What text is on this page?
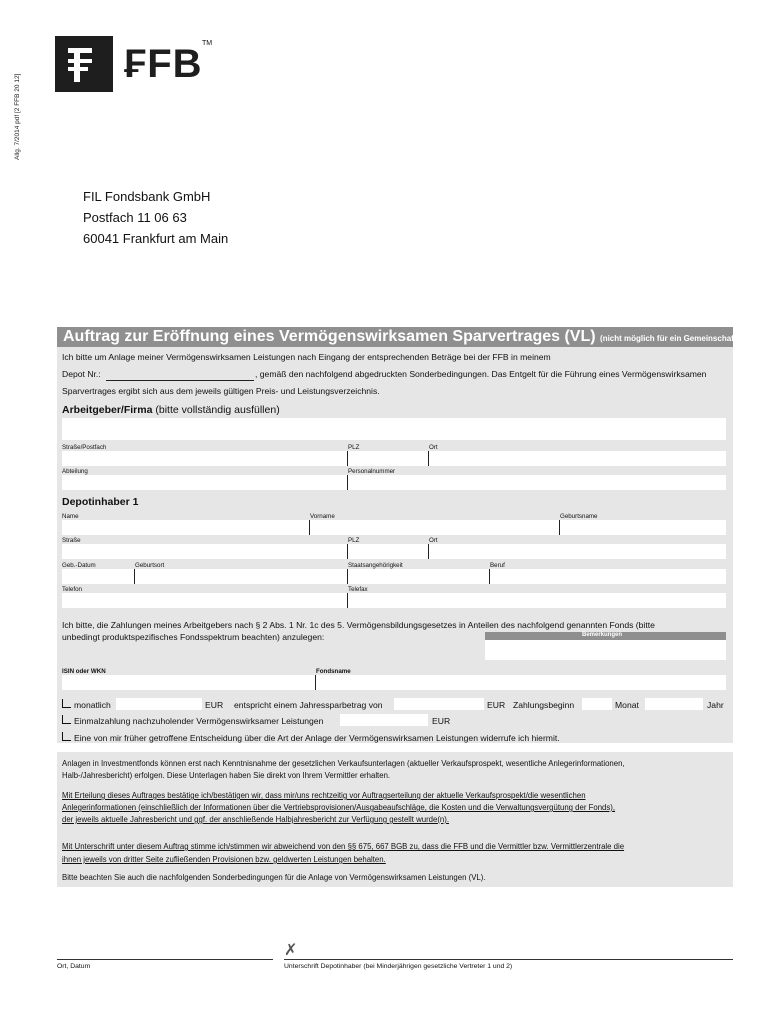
Allg. 7/2014 pdf [2 FFB 20 12]
₣FB TM
FIL Fondsbank GmbH
Postfach 11 06 63
60041 Frankfurt am Main
Auftrag zur Eröffnung eines Vermögenswirksamen Sparvertrages (VL) (nicht möglich für ein Gemeinschaftsdepot)
Ich bitte um Anlage meiner Vermögenswirksamen Leistungen nach Eingang der entsprechenden Beträge bei der FFB in meinem
Depot Nr.:	, gemäß den nachfolgend abgedruckten Sonderbedingungen. Das Entgelt für die Führung eines Vermögenswirksamen
Sparvertrages ergibt sich aus dem jeweils gültigen Preis- und Leistungsverzeichnis.
Arbeitgeber/Firma (bitte vollständig ausfüllen)
Straße/Postfach	PLZ	Ort
Abteilung	Personalnummer
Depotinhaber 1
Name	Vorname	Geburtsname
Straße	PLZ	Ort
Geb.-Datum	Geburtsort	Staatsangehörigkeit	Beruf
Telefon	Telefax
Ich bitte, die Zahlungen meines Arbeitgebers nach § 2 Abs. 1 Nr. 1c des 5. Vermögensbildungsgesetzes in Anteilen des nachfolgend genannten Fonds (bitte
unbedingt produktspezifisches Fondsspektrum beachten) anzulegen:	Bemerkungen
ISIN oder WKN	Fondsname
monatlich	EUR entspricht einem Jahressparbetrag von	EUR Zahlungsbeginn	Monat	Jahr
Einmalzahlung nachzuholender Vermögenswirksamer Leistungen	EUR
Eine von mir früher getroffene Entscheidung über die Art der Anlage der Vermögenswirksamen Leistungen widerrufe ich hiermit.
Anlagen in Investmentfonds können erst nach Kenntnisnahme der gesetzlichen Verkaufsunterlagen (aktueller Verkaufsprospekt, wesentliche Anlegerinformationen,
Halb-/Jahresbericht) erfolgen. Diese Unterlagen haben Sie direkt von Ihrem Vermittler erhalten.
Mit Erteilung dieses Auftrages bestätige ich/bestätigen wir, dass mir/uns rechtzeitig vor Auftragserteilung der aktuelle Verkaufsprospekt/die wesentlichen
Anlegerinformationen (einschließlich der Informationen über die Vertriebsprovisionen/Ausgabeaufschläge, die Kosten und die Verwaltungsvergütung der Fonds),
der jeweils aktuelle Jahresbericht und ggf. der anschließende Halbjahresbericht zur Verfügung gestellt wurde(n).
Mit Unterschrift unter diesem Auftrag stimme ich/stimmen wir abweichend von den §§ 675, 667 BGB zu, dass die FFB und die Vermittler bzw. Vermittlerzentrale die
ihnen jeweils von dritter Seite zufließenden Provisionen bzw. geldwerten Leistungen behalten.
Bitte beachten Sie auch die nachfolgenden Sonderbedingungen für die Anlage von Vermögenswirksamen Leistungen (VL).
✗
Ort, Datum	Unterschrift Depotinhaber (bei Minderjährigen gesetzliche Vertreter 1 und 2)
